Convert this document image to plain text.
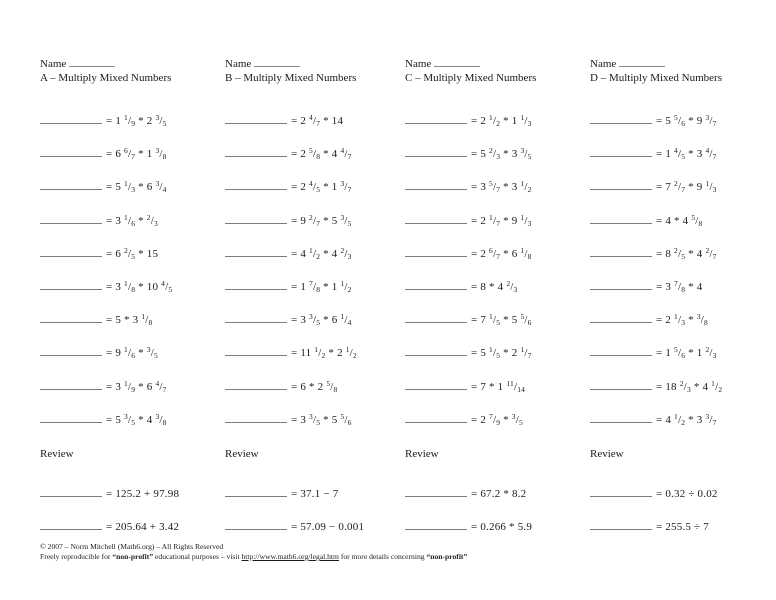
Name
A – Multiply Mixed Numbers
= 1 $^1/_9 * 2$ $^3/_5$
= 6 $^6/_7 * 1$ $^3/_8$
= 5 $^1/_3 * 6$ $^3/_4$
= 3 $^1/_6 * ^2/_3$
= 6 $^2/_5 * 15$
= 3 $^1/_8 * 10$ $^4/_5$
= 5 * 3 $^1/_8$
= 9 $^1/_6 * ^3/_5$
= 3 $^1/_9 * 6$ $^4/_7$
= 5 $^3/_5 * 4$ $^3/_8$
Review
= 125.2 + 97.98
= 205.64 + 3.42
Name
B – Multiply Mixed Numbers
= 2 $^4/_7 * 14$
= 2 $^5/_8 * 4$ $^4/_7$
= 2 $^4/_5 * 1$ $^3/_7$
= 9 $^2/_7 * 5$ $^3/_5$
= 4 $^1/_2 * 4$ $^2/_3$
= 1 $^7/_8 * 1$ $^1/_2$
= 3 $^3/_5 * 6$ $^1/_4$
= 11 $^1/_2 * 2$ $^1/_2$
= 6 * 2 $^5/_8$
= 3 $^3/_5 * 5$ $^5/_6$
Review
= 37.1 − 7
= 57.09 − 0.001
Name
C – Multiply Mixed Numbers
= 2 $^1/_2 * 1$ $^1/_3$
= 5 $^2/_3 * 3$ $^3/_5$
= 3 $^5/_7 * 3$ $^1/_2$
= 2 $^1/_7 * 9$ $^1/_3$
= 2 $^6/_7 * 6$ $^1/_8$
= 8 * 4 $^2/_3$
= 7 $^1/_5 * 5$ $^5/_6$
= 5 $^1/_5 * 2$ $^1/_7$
= 7 * 1 $^{11}/_{14}$
= 2 $^7/_9 * ^3/_5$
Review
= 67.2 * 8.2
= 0.266 * 5.9
Name
D – Multiply Mixed Numbers
= 5 $^5/_6 * 9$ $^3/_7$
= 1 $^4/_5 * 3$ $^4/_7$
= 7 $^2/_7 * 9$ $^1/_3$
= 4 * 4 $^5/_8$
= 8 $^2/_5 * 4$ $^2/_7$
= 3 $^7/_8 * 4$
= 2 $^1/_3 * ^3/_8$
= 1 $^5/_6 * 1$ $^2/_3$
= 18 $^2/_3 * 4$ $^1/_2$
= 4 $^1/_2 * 3$ $^3/_7$
Review
= 0.32 ÷ 0.02
= 255.5 ÷ 7
© 2007 – Norm Mitchell (Math6.org) – All Rights Reserved
Freely reproducible for “non-profit” educational purposes – visit http://www.math6.org/legal.htm for more details concerning “non-profit”
